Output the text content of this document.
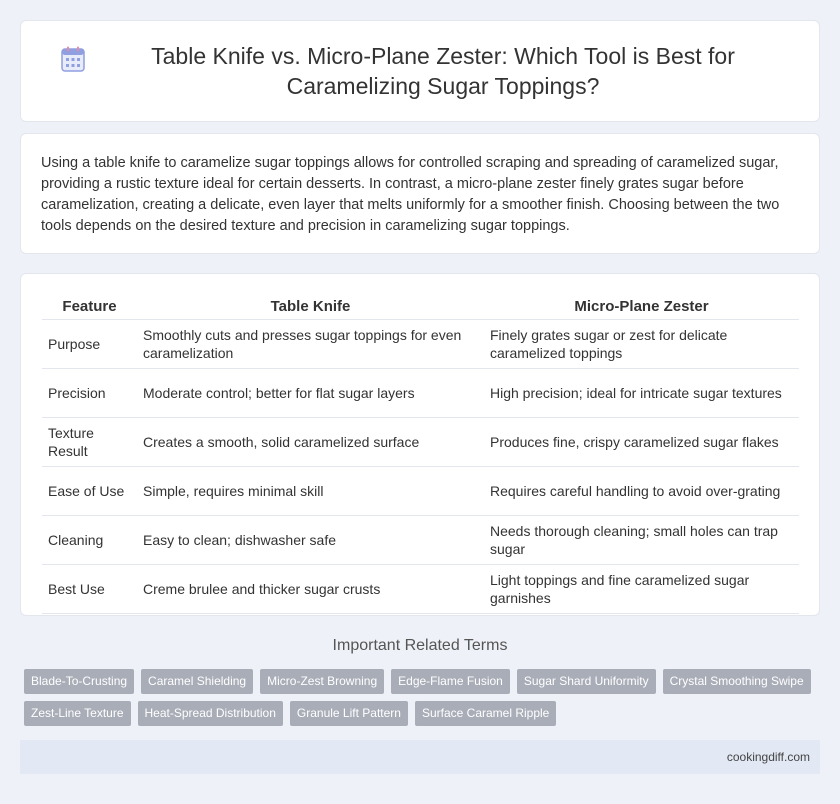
Table Knife vs. Micro-Plane Zester: Which Tool is Best for Caramelizing Sugar Toppings?

Using a table knife to caramelize sugar toppings allows for controlled scraping and spreading of caramelized sugar, providing a rustic texture ideal for certain desserts. In contrast, a micro-plane zester finely grates sugar before caramelization, creating a delicate, even layer that melts uniformly for a smoother finish. Choosing between the two tools depends on the desired texture and precision in caramelizing sugar toppings.

Feature	Table Knife	Micro-Plane Zester
Purpose	Smoothly cuts and presses sugar toppings for even caramelization	Finely grates sugar or zest for delicate caramelized toppings
Precision	Moderate control; better for flat sugar layers	High precision; ideal for intricate sugar textures
Texture Result	Creates a smooth, solid caramelized surface	Produces fine, crispy caramelized sugar flakes
Ease of Use	Simple, requires minimal skill	Requires careful handling to avoid over-grating
Cleaning	Easy to clean; dishwasher safe	Needs thorough cleaning; small holes can trap sugar
Best Use	Creme brulee and thicker sugar crusts	Light toppings and fine caramelized sugar garnishes
Important Related Terms
Blade-To-Crusting	Caramel Shielding	Micro-Zest Browning	Edge-Flame Fusion	Sugar Shard Uniformity	Crystal Smoothing Swipe
Zest-Line Texture	Heat-Spread Distribution	Granule Lift Pattern	Surface Caramel Ripple
cookingdiff.com
